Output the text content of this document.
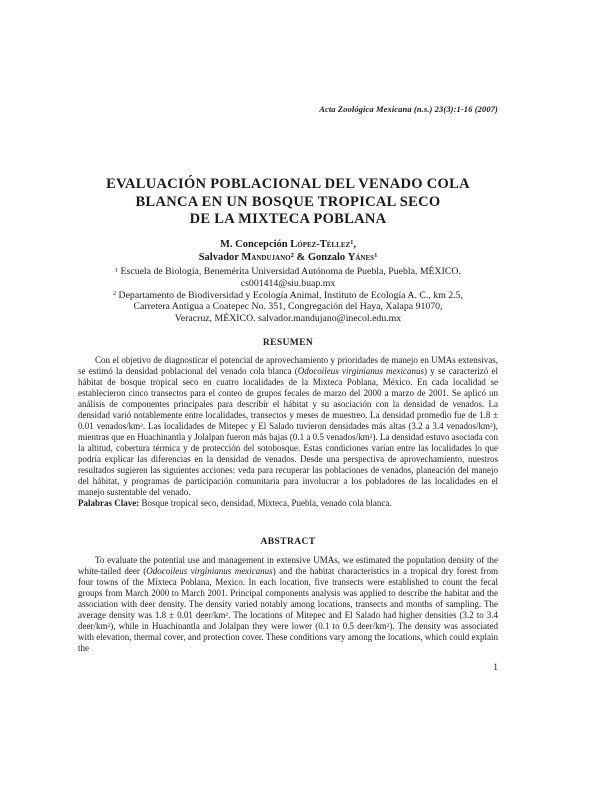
Acta Zoológica Mexicana (n.s.) 23(3):1-16 (2007)
EVALUACIÓN POBLACIONAL DEL VENADO COLA
BLANCA EN UN BOSQUE TROPICAL SECO
DE LA MIXTECA POBLANA
M. Concepción López-Téllez$^1$,
Salvador Mandujano$^2$ & Gonzalo Yánes$^1$
$^1$ Escuela de Biología, Benemérita Universidad Autónoma de Puebla, Puebla, MÉXICO.
cs001414@siu.buap.mx
$^2$ Departamento de Biodiversidad y Ecología Animal, Instituto de Ecología A. C., km 2.5,
Carretera Antigua a Coatepec No. 351, Congregación del Haya, Xalapa 91070,
Veracruz, MÉXICO. salvador.mandujano@inecol.edu.mx
RESUMEN
Con el objetivo de diagnosticar el potencial de aprovechamiento y prioridades de manejo en UMAs extensivas, se estimó la densidad poblacional del venado cola blanca (Odocoileus virginianus mexicanus) y se caracterizó el hábitat de bosque tropical seco en cuatro localidades de la Mixteca Poblana, México. En cada localidad se establecieron cinco transectos para el conteo de grupos fecales de marzo del 2000 a marzo de 2001. Se aplicó un análisis de componentes principales para describir el hábitat y su asociación con la densidad de venados. La densidad varió notablemente entre localidades, transectos y meses de muestreo. La densidad promedio fue de 1.8 ± 0.01 venados/$km^2$. Las localidades de Mitepec y El Salado tuvieron densidades más altas (3.2 a 3.4 venados/$km^2$), mientras que en Huachinantla y Jolalpan fueron más bajas (0.1 a 0.5 venados/$km^2$). La densidad estuvo asociada con la altitud, cobertura térmica y de protección del sotobosque. Estas condiciones varían entre las localidades lo que podría explicar las diferencias en la densidad de venados. Desde una perspectiva de aprovechamiento, nuestros resultados sugieren las siguientes acciones: veda para recuperar las poblaciones de venados, planeación del manejo del hábitat, y programas de participación comunitaria para involucrar a los pobladores de las localidades en el manejo sustentable del venado.
Palabras Clave: Bosque tropical seco, densidad, Mixteca, Puebla, venado cola blanca.
ABSTRACT
To evaluate the potential use and management in extensive UMAs, we estimated the population density of the white-tailed deer (Odocoileus virginianus mexicanus) and the habitat characteristics in a tropical dry forest from four towns of the Mixteca Poblana, Mexico. In each location, five transects were established to count the fecal groups from March 2000 to March 2001. Principal components analysis was applied to describe the habitat and the association with deer density. The density varied notably among locations, transects and months of sampling. The average density was 1.8 ± 0.01 deer/$km^2$. The locations of Mitepec and El Salado had higher densities (3.2 to 3.4 deer/$km^2$), while in Huachinantla and Jolalpan they were lower (0.1 to 0.5 deer/$km^2$). The density was associated with elevation, thermal cover, and protection cover. These conditions vary among the locations, which could explain the
1
